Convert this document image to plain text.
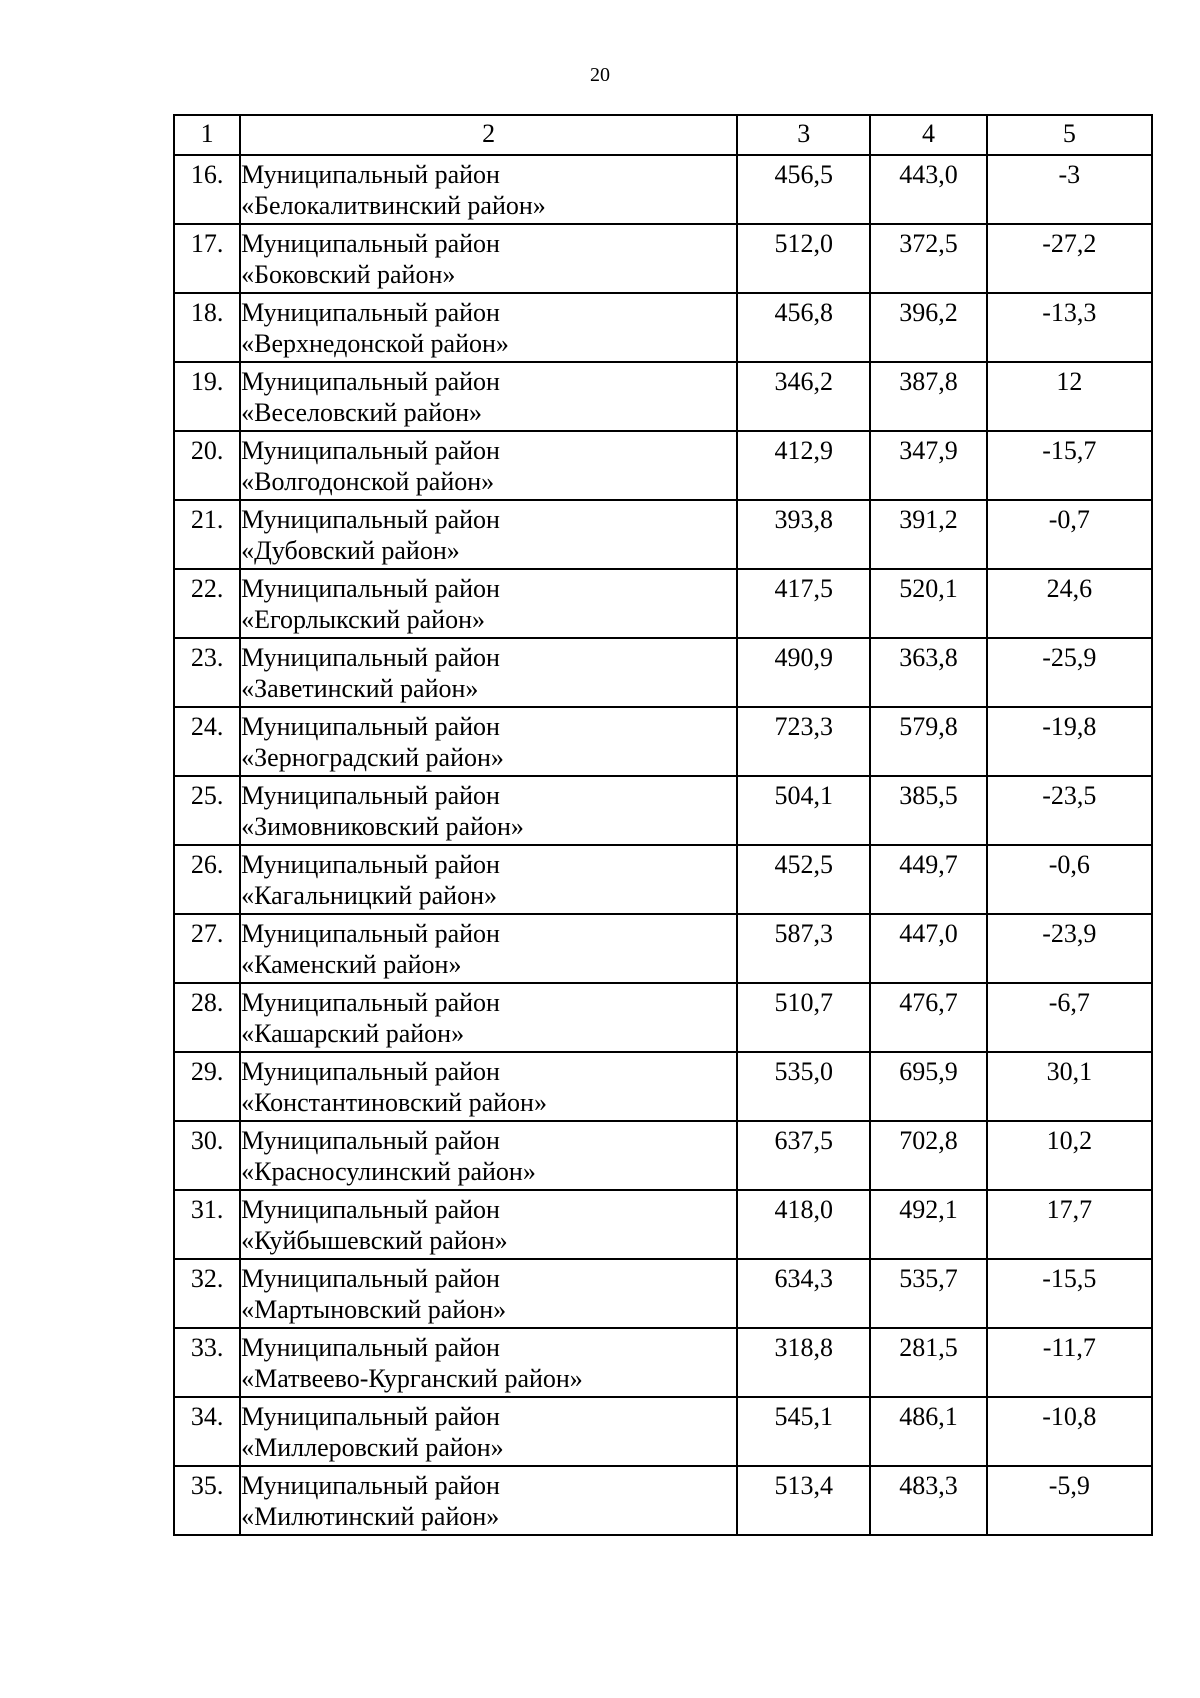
20
1	2	3	4	5
16.	Муниципальный район
«Белокалитвинский район»	456,5	443,0	-3
17.	Муниципальный район
«Боковский район»	512,0	372,5	-27,2
18.	Муниципальный район
«Верхнедонской район»	456,8	396,2	-13,3
19.	Муниципальный район
«Веселовский район»	346,2	387,8	12
20.	Муниципальный район
«Волгодонской район»	412,9	347,9	-15,7
21.	Муниципальный район
«Дубовский район»	393,8	391,2	-0,7
22.	Муниципальный район
«Егорлыкский район»	417,5	520,1	24,6
23.	Муниципальный район
«Заветинский район»	490,9	363,8	-25,9
24.	Муниципальный район
«Зерноградский район»	723,3	579,8	-19,8
25.	Муниципальный район
«Зимовниковский район»	504,1	385,5	-23,5
26.	Муниципальный район
«Кагальницкий район»	452,5	449,7	-0,6
27.	Муниципальный район
«Каменский район»	587,3	447,0	-23,9
28.	Муниципальный район
«Кашарский район»	510,7	476,7	-6,7
29.	Муниципальный район
«Константиновский район»	535,0	695,9	30,1
30.	Муниципальный район
«Красносулинский район»	637,5	702,8	10,2
31.	Муниципальный район
«Куйбышевский район»	418,0	492,1	17,7
32.	Муниципальный район
«Мартыновский район»	634,3	535,7	-15,5
33.	Муниципальный район
«Матвеево-Курганский район»	318,8	281,5	-11,7
34.	Муниципальный район
«Миллеровский район»	545,1	486,1	-10,8
35.	Муниципальный район
«Милютинский район»	513,4	483,3	-5,9
